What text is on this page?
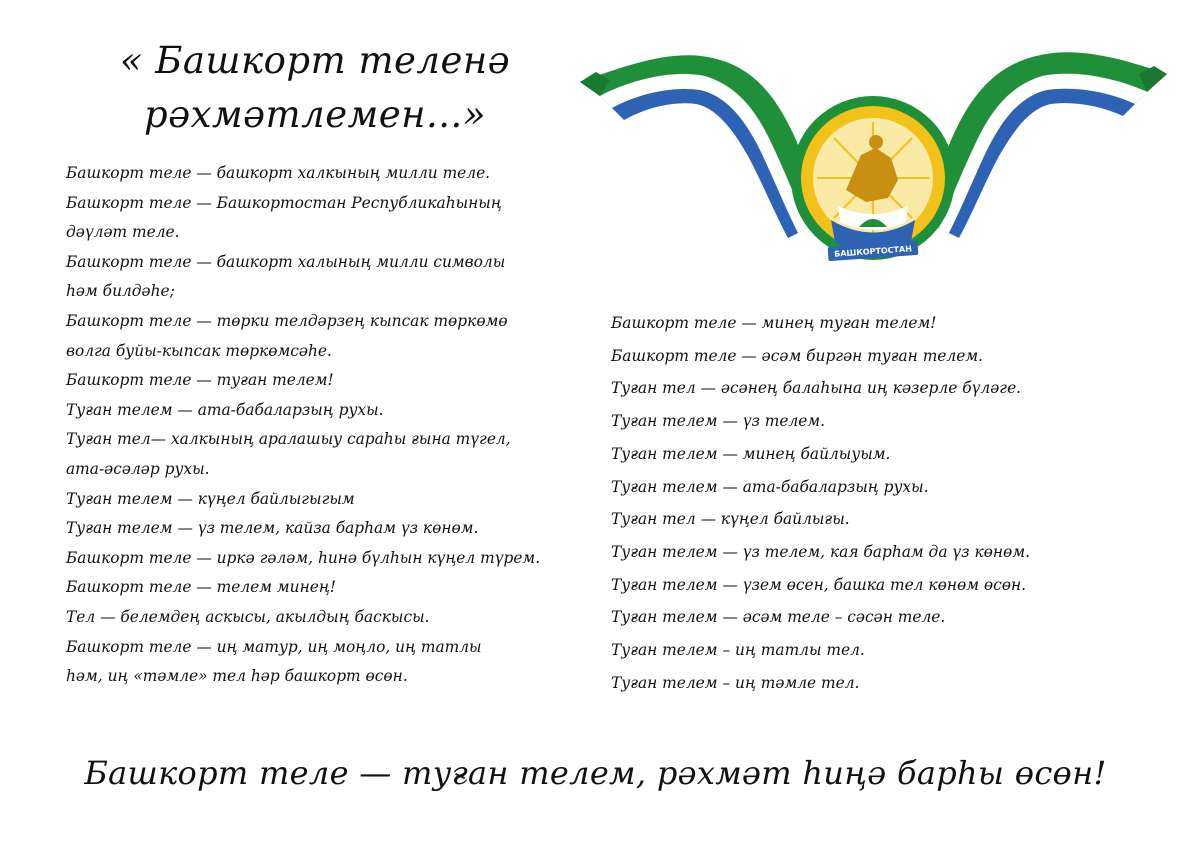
« Башкорт теленә
рәхмәтлемен...»
БАШКОРТОСТАН
Башкорт теле — башкорт халкының милли теле.
Башкорт теле — Башкортостан Республикаһының
дәүләт теле.
Башкорт теле — башкорт халының милли символы
һәм билдәһе;
Башкорт теле — төрки телдәрзең кыпсак төркөмө
волга буйы-кыпсак төркөмсәһе.
Башкорт теле — туған телем!
Туған телем — ата-бабаларзың рухы.
Туған тел— халкының аралашыу сараһы ғына түгел,
ата-әсәләр рухы.
Туған телем — күңел байлыгыгым
Туған телем — үз телем, кайза барһам үз көнөм.
Башкорт теле — иркә гәләм, һинә бүлһын күңел түрем.
Башкорт теле — телем минең!
Тел — белемдең аскысы, акылдың баскысы.
Башкорт теле — иң матур, иң моңло, иң татлы
һәм, иң «тәмле» тел һәр башкорт өсөн.
Башкорт теле — минең туған телем!
Башкорт теле — әсәм биргән туған телем.
Туған тел — әсәнең балаһына иң кәзерле бүләге.
Туған телем — үз телем.
Туған телем — минең байлыуым.
Туған телем — ата-бабаларзың рухы.
Туған тел — күңел байлығы.
Туған телем — үз телем, кая барһам да үз көнөм.
Туған телем — үзем өсен, башка тел көнөм өсөн.
Туған телем — әсәм теле – сәсән теле.
Туған телем – иң татлы тел.
Туған телем – иң тәмле тел.
Башкорт теле — туған телем, рәхмәт һиңә барһы өсөн!
